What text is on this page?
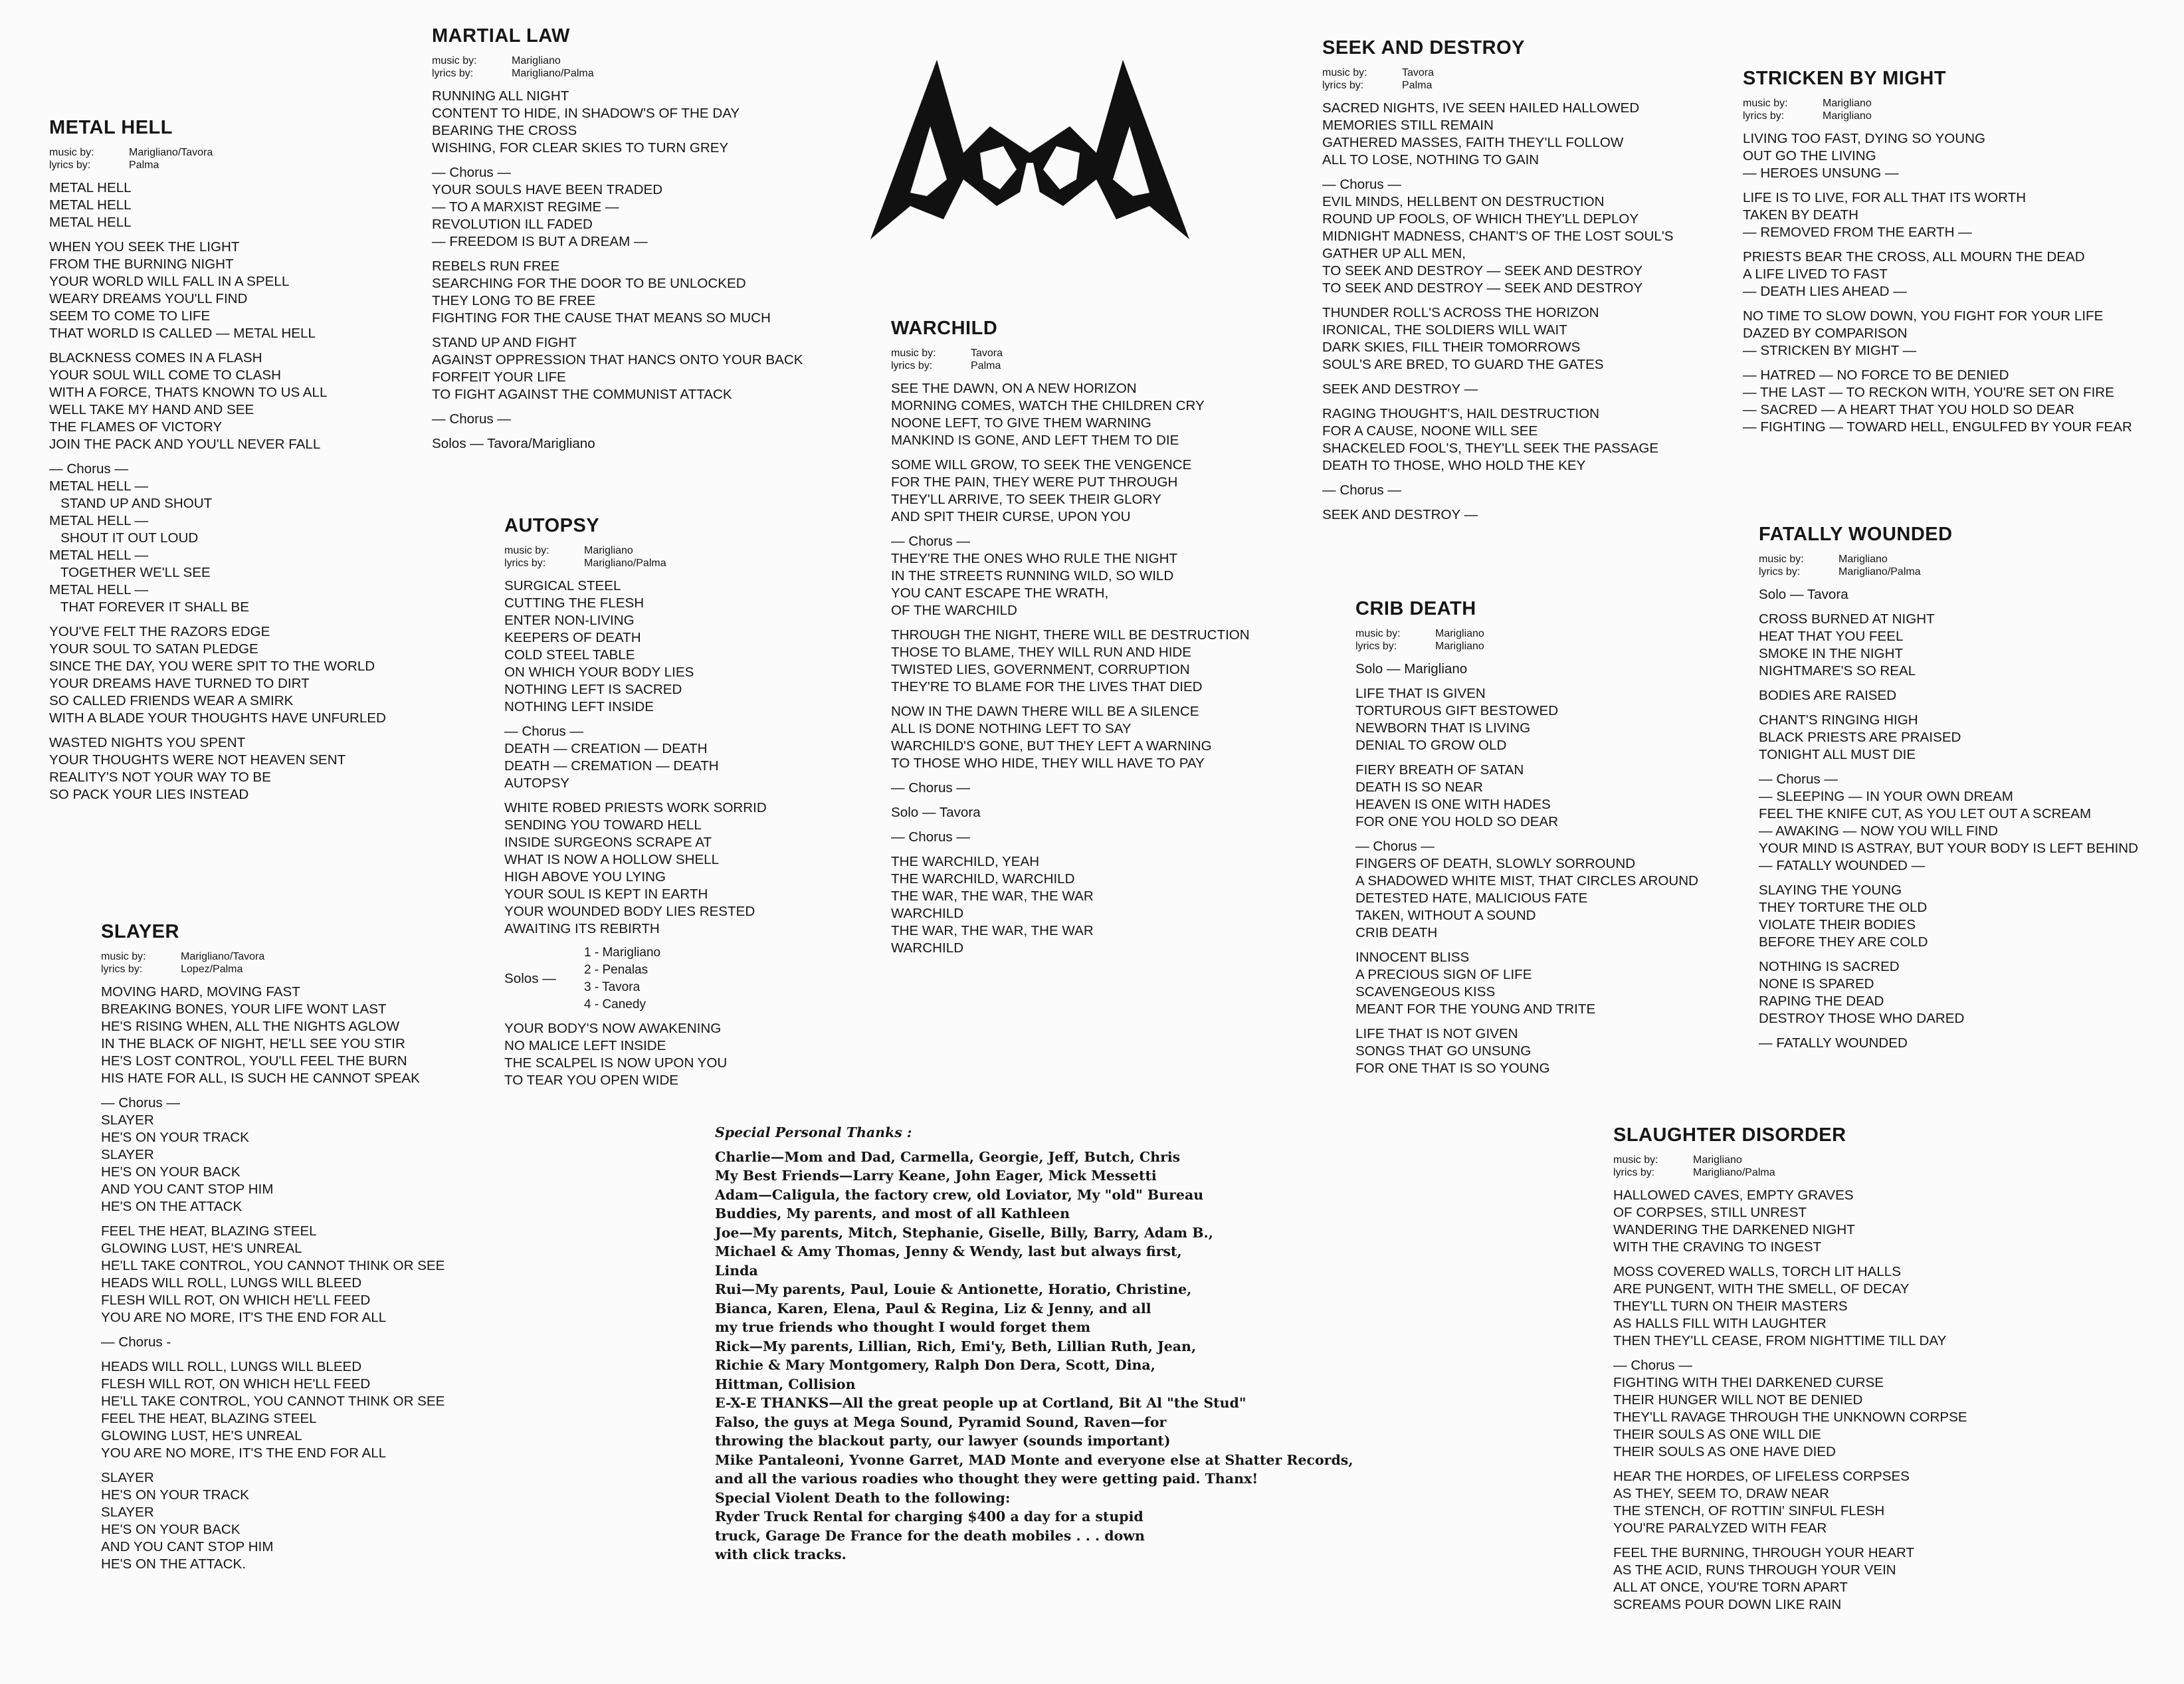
METAL HELL
music by:	Marigliano/Tavora
lyrics by:	Palma
METAL HELL
METAL HELL
METAL HELL
WHEN YOU SEEK THE LIGHT
FROM THE BURNING NIGHT
YOUR WORLD WILL FALL IN A SPELL
WEARY DREAMS YOU'LL FIND
SEEM TO COME TO LIFE
THAT WORLD IS CALLED — METAL HELL
BLACKNESS COMES IN A FLASH
YOUR SOUL WILL COME TO CLASH
WITH A FORCE, THATS KNOWN TO US ALL
WELL TAKE MY HAND AND SEE
THE FLAMES OF VICTORY
JOIN THE PACK AND YOU'LL NEVER FALL
— Chorus —
METAL HELL —
STAND UP AND SHOUT
METAL HELL —
SHOUT IT OUT LOUD
METAL HELL —
TOGETHER WE'LL SEE
METAL HELL —
THAT FOREVER IT SHALL BE
YOU'VE FELT THE RAZORS EDGE
YOUR SOUL TO SATAN PLEDGE
SINCE THE DAY, YOU WERE SPIT TO THE WORLD
YOUR DREAMS HAVE TURNED TO DIRT
SO CALLED FRIENDS WEAR A SMIRK
WITH A BLADE YOUR THOUGHTS HAVE UNFURLED
WASTED NIGHTS YOU SPENT
YOUR THOUGHTS WERE NOT HEAVEN SENT
REALITY'S NOT YOUR WAY TO BE
SO PACK YOUR LIES INSTEAD
MARTIAL LAW
music by:	Marigliano
lyrics by:	Marigliano/Palma
RUNNING ALL NIGHT
CONTENT TO HIDE, IN SHADOW'S OF THE DAY
BEARING THE CROSS
WISHING, FOR CLEAR SKIES TO TURN GREY
— Chorus —
YOUR SOULS HAVE BEEN TRADED
— TO A MARXIST REGIME —
REVOLUTION ILL FADED
— FREEDOM IS BUT A DREAM —
REBELS RUN FREE
SEARCHING FOR THE DOOR TO BE UNLOCKED
THEY LONG TO BE FREE
FIGHTING FOR THE CAUSE THAT MEANS SO MUCH
STAND UP AND FIGHT
AGAINST OPPRESSION THAT HANCS ONTO YOUR BACK
FORFEIT YOUR LIFE
TO FIGHT AGAINST THE COMMUNIST ATTACK
— Chorus —
Solos — Tavora/Marigliano
AUTOPSY
music by:	Marigliano
lyrics by:	Marigliano/Palma
SURGICAL STEEL
CUTTING THE FLESH
ENTER NON-LIVING
KEEPERS OF DEATH
COLD STEEL TABLE
ON WHICH YOUR BODY LIES
NOTHING LEFT IS SACRED
NOTHING LEFT INSIDE
— Chorus —
DEATH — CREATION — DEATH
DEATH — CREMATION — DEATH
AUTOPSY
WHITE ROBED PRIESTS WORK SORRID
SENDING YOU TOWARD HELL
INSIDE SURGEONS SCRAPE AT
WHAT IS NOW A HOLLOW SHELL
HIGH ABOVE YOU LYING
YOUR SOUL IS KEPT IN EARTH
YOUR WOUNDED BODY LIES RESTED
AWAITING ITS REBIRTH
Solos —
1 - Marigliano
2 - Penalas
3 - Tavora
4 - Canedy
YOUR BODY'S NOW AWAKENING
NO MALICE LEFT INSIDE
THE SCALPEL IS NOW UPON YOU
TO TEAR YOU OPEN WIDE
SLAYER
music by:	Marigliano/Tavora
lyrics by:	Lopez/Palma
MOVING HARD, MOVING FAST
BREAKING BONES, YOUR LIFE WONT LAST
HE'S RISING WHEN, ALL THE NIGHTS AGLOW
IN THE BLACK OF NIGHT, HE'LL SEE YOU STIR
HE'S LOST CONTROL, YOU'LL FEEL THE BURN
HIS HATE FOR ALL, IS SUCH HE CANNOT SPEAK
— Chorus —
SLAYER
HE'S ON YOUR TRACK
SLAYER
HE'S ON YOUR BACK
AND YOU CANT STOP HIM
HE'S ON THE ATTACK
FEEL THE HEAT, BLAZING STEEL
GLOWING LUST, HE'S UNREAL
HE'LL TAKE CONTROL, YOU CANNOT THINK OR SEE
HEADS WILL ROLL, LUNGS WILL BLEED
FLESH WILL ROT, ON WHICH HE'LL FEED
YOU ARE NO MORE, IT'S THE END FOR ALL
— Chorus -
HEADS WILL ROLL, LUNGS WILL BLEED
FLESH WILL ROT, ON WHICH HE'LL FEED
HE'LL TAKE CONTROL, YOU CANNOT THINK OR SEE
FEEL THE HEAT, BLAZING STEEL
GLOWING LUST, HE'S UNREAL
YOU ARE NO MORE, IT'S THE END FOR ALL
SLAYER
HE'S ON YOUR TRACK
SLAYER
HE'S ON YOUR BACK
AND YOU CANT STOP HIM
HE'S ON THE ATTACK.
WARCHILD
music by:	Tavora
lyrics by:	Palma
SEE THE DAWN, ON A NEW HORIZON
MORNING COMES, WATCH THE CHILDREN CRY
NOONE LEFT, TO GIVE THEM WARNING
MANKIND IS GONE, AND LEFT THEM TO DIE
SOME WILL GROW, TO SEEK THE VENGENCE
FOR THE PAIN, THEY WERE PUT THROUGH
THEY'LL ARRIVE, TO SEEK THEIR GLORY
AND SPIT THEIR CURSE, UPON YOU
— Chorus —
THEY'RE THE ONES WHO RULE THE NIGHT
IN THE STREETS RUNNING WILD, SO WILD
YOU CANT ESCAPE THE WRATH,
OF THE WARCHILD
THROUGH THE NIGHT, THERE WILL BE DESTRUCTION
THOSE TO BLAME, THEY WILL RUN AND HIDE
TWISTED LIES, GOVERNMENT, CORRUPTION
THEY'RE TO BLAME FOR THE LIVES THAT DIED
NOW IN THE DAWN THERE WILL BE A SILENCE
ALL IS DONE NOTHING LEFT TO SAY
WARCHILD'S GONE, BUT THEY LEFT A WARNING
TO THOSE WHO HIDE, THEY WILL HAVE TO PAY
— Chorus —
Solo — Tavora
— Chorus —
THE WARCHILD, YEAH
THE WARCHILD, WARCHILD
THE WAR, THE WAR, THE WAR
WARCHILD
THE WAR, THE WAR, THE WAR
WARCHILD
SEEK AND DESTROY
music by:	Tavora
lyrics by:	Palma
SACRED NIGHTS, IVE SEEN HAILED HALLOWED
MEMORIES STILL REMAIN
GATHERED MASSES, FAITH THEY'LL FOLLOW
ALL TO LOSE, NOTHING TO GAIN
— Chorus —
EVIL MINDS, HELLBENT ON DESTRUCTION
ROUND UP FOOLS, OF WHICH THEY'LL DEPLOY
MIDNIGHT MADNESS, CHANT'S OF THE LOST SOUL'S
GATHER UP ALL MEN,
TO SEEK AND DESTROY — SEEK AND DESTROY
TO SEEK AND DESTROY — SEEK AND DESTROY
THUNDER ROLL'S ACROSS THE HORIZON
IRONICAL, THE SOLDIERS WILL WAIT
DARK SKIES, FILL THEIR TOMORROWS
SOUL'S ARE BRED, TO GUARD THE GATES
SEEK AND DESTROY —
RAGING THOUGHT'S, HAIL DESTRUCTION
FOR A CAUSE, NOONE WILL SEE
SHACKELED FOOL'S, THEY'LL SEEK THE PASSAGE
DEATH TO THOSE, WHO HOLD THE KEY
— Chorus —
SEEK AND DESTROY —
CRIB DEATH
music by:	Marigliano
lyrics by:	Marigliano
Solo — Marigliano
LIFE THAT IS GIVEN
TORTUROUS GIFT BESTOWED
NEWBORN THAT IS LIVING
DENIAL TO GROW OLD
FIERY BREATH OF SATAN
DEATH IS SO NEAR
HEAVEN IS ONE WITH HADES
FOR ONE YOU HOLD SO DEAR
— Chorus —
FINGERS OF DEATH, SLOWLY SORROUND
A SHADOWED WHITE MIST, THAT CIRCLES AROUND
DETESTED HATE, MALICIOUS FATE
TAKEN, WITHOUT A SOUND
CRIB DEATH
INNOCENT BLISS
A PRECIOUS SIGN OF LIFE
SCAVENGEOUS KISS
MEANT FOR THE YOUNG AND TRITE
LIFE THAT IS NOT GIVEN
SONGS THAT GO UNSUNG
FOR ONE THAT IS SO YOUNG
STRICKEN BY MIGHT
music by:	Marigliano
lyrics by:	Marigliano
LIVING TOO FAST, DYING SO YOUNG
OUT GO THE LIVING
— HEROES UNSUNG —
LIFE IS TO LIVE, FOR ALL THAT ITS WORTH
TAKEN BY DEATH
— REMOVED FROM THE EARTH —
PRIESTS BEAR THE CROSS, ALL MOURN THE DEAD
A LIFE LIVED TO FAST
— DEATH LIES AHEAD —
NO TIME TO SLOW DOWN, YOU FIGHT FOR YOUR LIFE
DAZED BY COMPARISON
— STRICKEN BY MIGHT —
— HATRED — NO FORCE TO BE DENIED
— THE LAST — TO RECKON WITH, YOU'RE SET ON FIRE
— SACRED — A HEART THAT YOU HOLD SO DEAR
— FIGHTING — TOWARD HELL, ENGULFED BY YOUR FEAR
FATALLY WOUNDED
music by:	Marigliano
lyrics by:	Marigliano/Palma
Solo — Tavora
CROSS BURNED AT NIGHT
HEAT THAT YOU FEEL
SMOKE IN THE NIGHT
NIGHTMARE'S SO REAL
BODIES ARE RAISED
CHANT'S RINGING HIGH
BLACK PRIESTS ARE PRAISED
TONIGHT ALL MUST DIE
— Chorus —
— SLEEPING — IN YOUR OWN DREAM
FEEL THE KNIFE CUT, AS YOU LET OUT A SCREAM
— AWAKING — NOW YOU WILL FIND
YOUR MIND IS ASTRAY, BUT YOUR BODY IS LEFT BEHIND
— FATALLY WOUNDED —
SLAYING THE YOUNG
THEY TORTURE THE OLD
VIOLATE THEIR BODIES
BEFORE THEY ARE COLD
NOTHING IS SACRED
NONE IS SPARED
RAPING THE DEAD
DESTROY THOSE WHO DARED
— FATALLY WOUNDED
SLAUGHTER DISORDER
music by:	Marigliano
lyrics by:	Marigliano/Palma
HALLOWED CAVES, EMPTY GRAVES
OF CORPSES, STILL UNREST
WANDERING THE DARKENED NIGHT
WITH THE CRAVING TO INGEST
MOSS COVERED WALLS, TORCH LIT HALLS
ARE PUNGENT, WITH THE SMELL, OF DECAY
THEY'LL TURN ON THEIR MASTERS
AS HALLS FILL WITH LAUGHTER
THEN THEY'LL CEASE, FROM NIGHTTIME TILL DAY
— Chorus —
FIGHTING WITH THEI DARKENED CURSE
THEIR HUNGER WILL NOT BE DENIED
THEY'LL RAVAGE THROUGH THE UNKNOWN CORPSE
THEIR SOULS AS ONE WILL DIE
THEIR SOULS AS ONE HAVE DIED
HEAR THE HORDES, OF LIFELESS CORPSES
AS THEY, SEEM TO, DRAW NEAR
THE STENCH, OF ROTTIN' SINFUL FLESH
YOU'RE PARALYZED WITH FEAR
FEEL THE BURNING, THROUGH YOUR HEART
AS THE ACID, RUNS THROUGH YOUR VEIN
ALL AT ONCE, YOU'RE TORN APART
SCREAMS POUR DOWN LIKE RAIN
Special Personal Thanks :
Charlie—Mom and Dad, Carmella, Georgie, Jeff, Butch, Chris
My Best Friends—Larry Keane, John Eager, Mick Messetti
Adam—Caligula, the factory crew, old Loviator, My "old" Bureau
Buddies, My parents, and most of all Kathleen
Joe—My parents, Mitch, Stephanie, Giselle, Billy, Barry, Adam B.,
Michael & Amy Thomas, Jenny & Wendy, last but always first,
Linda
Rui—My parents, Paul, Louie & Antionette, Horatio, Christine,
Bianca, Karen, Elena, Paul & Regina, Liz & Jenny, and all
my true friends who thought I would forget them
Rick—My parents, Lillian, Rich, Emi'y, Beth, Lillian Ruth, Jean,
Richie & Mary Montgomery, Ralph Don Dera, Scott, Dina,
Hittman, Collision
E-X-E THANKS—All the great people up at Cortland, Bit Al "the Stud"
Falso, the guys at Mega Sound, Pyramid Sound, Raven—for
throwing the blackout party, our lawyer (sounds important)
Mike Pantaleoni, Yvonne Garret, MAD Monte and everyone else at Shatter Records,
and all the various roadies who thought they were getting paid. Thanx!
Special Violent Death to the following:
Ryder Truck Rental for charging $400 a day for a stupid
truck, Garage De France for the death mobiles . . . down
with click tracks.
